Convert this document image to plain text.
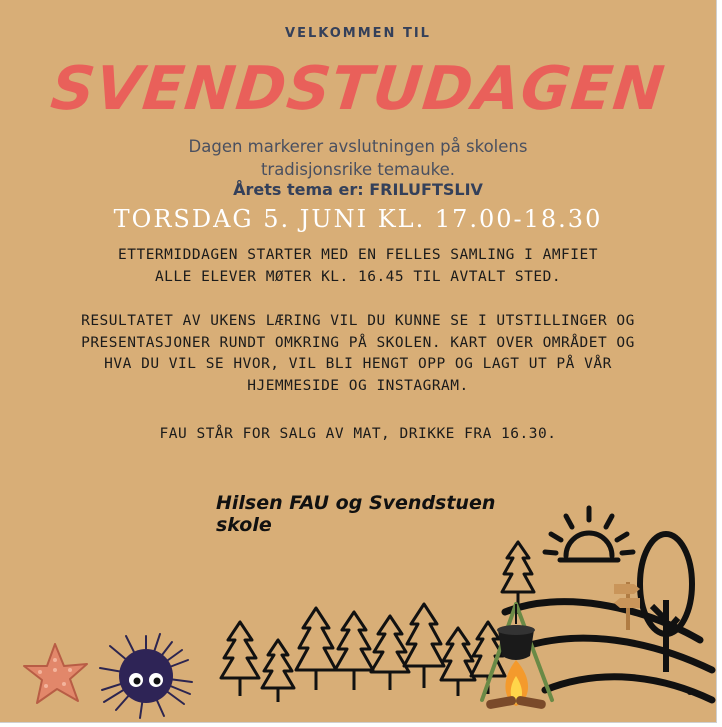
VELKOMMEN TIL
SVENDSTUDAGEN
Dagen markerer avslutningen på skolens
tradisjonsrike temauke.
Årets tema er: FRILUFTSLIV
TORSDAG 5. JUNI KL. 17.00-18.30
ETTERMIDDAGEN STARTER MED EN FELLES SAMLING I AMFIET
ALLE ELEVER MØTER KL. 16.45 TIL AVTALT STED.
RESULTATET AV UKENS LÆRING VIL DU KUNNE SE I UTSTILLINGER OG
PRESENTASJONER RUNDT OMKRING PÅ SKOLEN. KART OVER OMRÅDET OG
HVA DU VIL SE HVOR, VIL BLI HENGT OPP OG LAGT UT PÅ VÅR
HJEMMESIDE OG INSTAGRAM.
FAU STÅR FOR SALG AV MAT, DRIKKE FRA 16.30.
Hilsen FAU og Svendstuen skole
